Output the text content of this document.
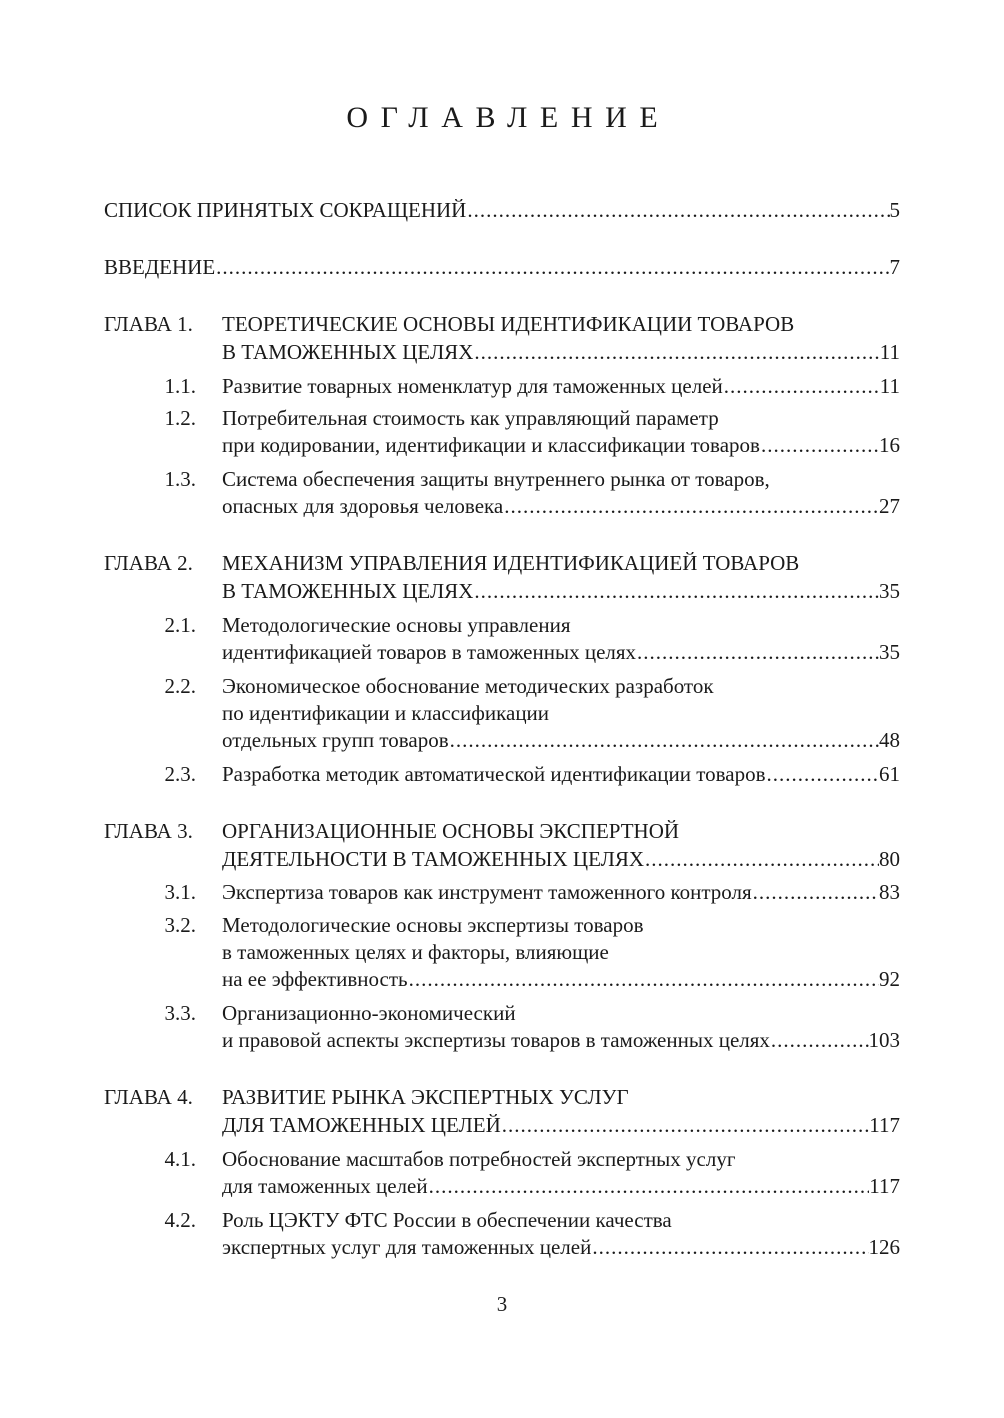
ОГЛАВЛЕНИЕ
СПИСОК ПРИНЯТЫХ СОКРАЩЕНИЙ .....	5
ВВЕДЕНИЕ .....	7
ГЛАВА 1. ТЕОРЕТИЧЕСКИЕ ОСНОВЫ ИДЕНТИФИКАЦИИ ТОВАРОВ
В ТАМОЖЕННЫХ ЦЕЛЯХ .....	11
1.1. Развитие товарных номенклатур для таможенных целей .....	11
1.2. Потребительная стоимость как управляющий параметр
при кодировании, идентификации и классификации товаров .....	16
1.3. Система обеспечения защиты внутреннего рынка от товаров,
опасных для здоровья человека .....	27
ГЛАВА 2. МЕХАНИЗМ УПРАВЛЕНИЯ ИДЕНТИФИКАЦИЕЙ ТОВАРОВ
В ТАМОЖЕННЫХ ЦЕЛЯХ .....	35
2.1. Методологические основы управления
идентификацией товаров в таможенных целях .....	35
2.2. Экономическое обоснование методических разработок
по идентификации и классификации
отдельных групп товаров .....	48
2.3. Разработка методик автоматической идентификации товаров .....	61
ГЛАВА 3. ОРГАНИЗАЦИОННЫЕ ОСНОВЫ ЭКСПЕРТНОЙ
ДЕЯТЕЛЬНОСТИ В ТАМОЖЕННЫХ ЦЕЛЯХ .....	80
3.1. Экспертиза товаров как инструмент таможенного контроля .....	83
3.2. Методологические основы экспертизы товаров
в таможенных целях и факторы, влияющие
на ее эффективность .....	92
3.3. Организационно-экономический
и правовой аспекты экспертизы товаров в таможенных целях .....	103
ГЛАВА 4. РАЗВИТИЕ РЫНКА ЭКСПЕРТНЫХ УСЛУГ
ДЛЯ ТАМОЖЕННЫХ ЦЕЛЕЙ .....	117
4.1. Обоснование масштабов потребностей экспертных услуг
для таможенных целей .....	117
4.2. Роль ЦЭКТУ ФТС России в обеспечении качества
экспертных услуг для таможенных целей .....	126
3
